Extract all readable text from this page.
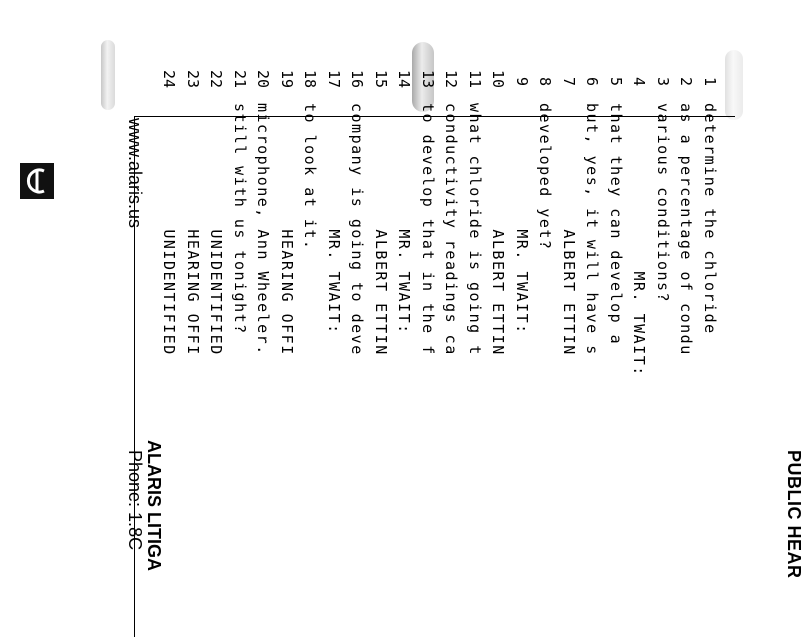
PUBLIC HEAR
1
determine the chloride
2
as a percentage of condu
3
various conditions?
4
MR. TWAIT:
5
that they can develop a
6
but, yes, it will have s
7
ALBERT ETTIN
8
developed yet?
9
MR. TWAIT:
10
ALBERT ETTIN
11
what chloride is going t
12
conductivity readings ca
13
to develop that in the f
14
MR. TWAIT:
15
ALBERT ETTIN
16
company is going to deve
17
MR. TWAIT:
18
to look at it.
19
HEARING OFFI
20
microphone, Ann Wheeler.
21
still with us tonight?
22
UNIDENTIFIED
23
HEARING OFFI
24
UNIDENTIFIED
ALARIS LITIGA
Phone: 1.8C
www.alaris.us
